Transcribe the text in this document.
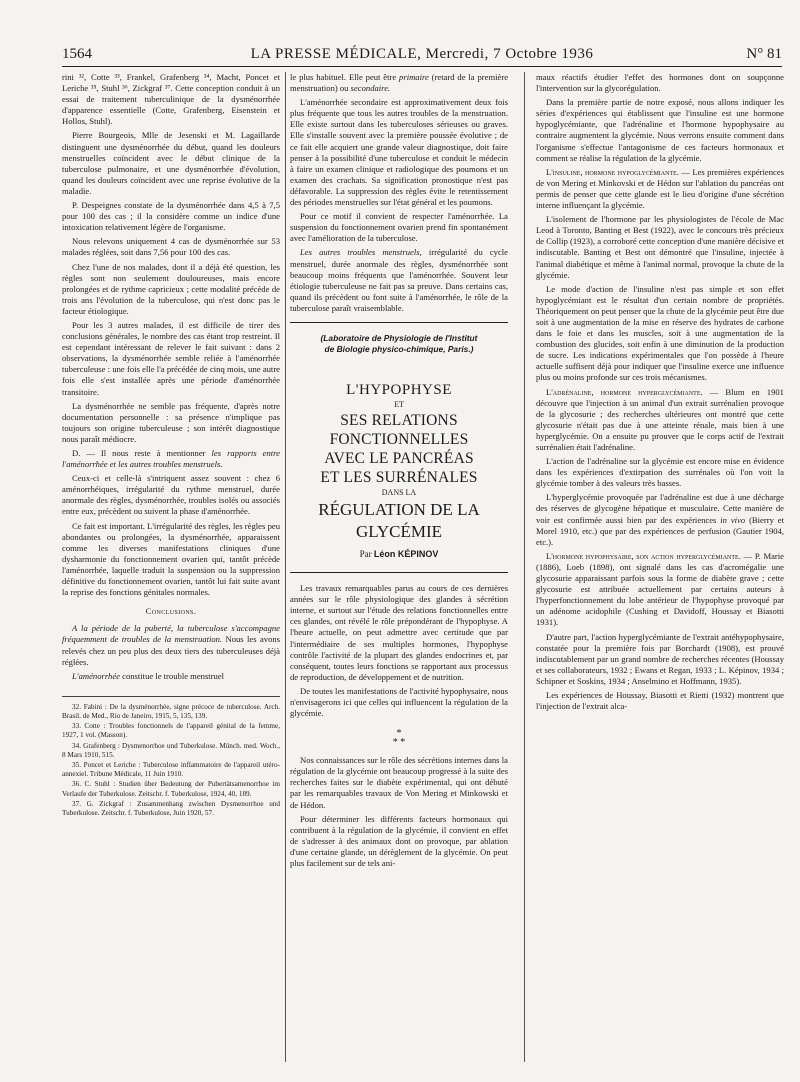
1564	LA PRESSE MÉDICALE, Mercredi, 7 Octobre 1936	N° 81

rini ³², Cotte ³³, Frankel, Grafenberg ³⁴, Macht, Poncet et Leriche ³⁵, Stuhl ³⁶, Zickgraf ³⁷. Cette conception conduit à un essai de traitement tuberculinique de la dysménorrhée d'apparence essentielle (Cotte, Grafenberg, Eisenstein et Hollos, Stuhl).

Pierre Bourgeois, Mlle de Jesenski et M. Lagaillarde distinguent une dysménorrhée du début, quand les douleurs menstruelles coïncident avec le début clinique de la tuberculose pulmonaire, et une dysménorrhée d'évolution, quand les douleurs coïncident avec une reprise évolutive de la maladie.

P. Despeignes constate de la dysménorrhée dans 4,5 à 7,5 pour 100 des cas ; il la considère comme un indice d'une intoxication relativement légère de l'organisme.

Nous relevons uniquement 4 cas de dysménorrhée sur 53 malades réglées, soit dans 7,56 pour 100 des cas.

Chez l'une de nos malades, dont il a déjà été question, les règles sont non seulement douloureuses, mais encore prolongées et de rythme capricieux ; cette modalité précède de trois ans l'évolution de la tuberculose, qui n'est donc pas le facteur étiologique.

Pour les 3 autres malades, il est difficile de tirer des conclusions générales, le nombre des cas étant trop restreint. Il est cependant intéressant de relever le fait suivant : dans 2 observations, la dysménorrhée semble reliée à l'aménorrhée tuberculeuse : une fois elle l'a précédée de cinq mois, une autre fois elle s'est installée après une période d'aménorrhée transitoire.

La dysménorrhée ne semble pas fréquente, d'après notre documentation personnelle : sa présence n'implique pas toujours son origine tuberculeuse ; son intérêt diagnostique nous paraît médiocre.

D. — Il nous reste à mentionner les rapports entre l'aménorrhée et les autres troubles menstruels.

Ceux-ci et celle-là s'intriquent assez souvent : chez 6 aménorrhéiques, irrégularité du rythme menstruel, durée anormale des règles, dysménorrhée, troubles isolés ou associés entre eux, précèdent ou suivent la phase d'aménorrhée.

Ce fait est important. L'irrégularité des règles, les règles peu abondantes ou prolongées, la dysménorrhée, apparaissent comme les diverses manifestations cliniques d'une dysharmonie du fonctionnement ovarien qui, tantôt précède l'aménorrhée, laquelle traduit la suspension ou la suppression définitive du fonctionnement ovarien, tantôt lui fait suite avant la reprise des fonctions génitales normales.

Conclusions.

A la période de la puberté, la tuberculose s'accompagne fréquemment de troubles de la menstruation. Nous les avons relevés chez un peu plus des deux tiers des tuberculeuses déjà réglées.

L'aménorrhée constitue le trouble menstruel

32. Fabini : De la dysménorrhée, signe précoce de tuberculose. Arch. Brasil. de Med., Rio de Janeiro, 1915, 5, 135, 139.

33. Cotte : Troubles fonctionnels de l'appareil génital de la femme, 1927, 1 vol. (Masson).

34. Grafenberg : Dysmenorrhoe und Tuberkulose. Münch. med. Woch., 8 Mars 1910, 515.

35. Poncet et Leriche : Tuberculose inflammatoire de l'appareil utéro-annexiel. Tribune Médicale, 11 Juin 1910.

36. C. Stuhl : Studien über Bedeutung der Pubertätsamenorrhoe im Verlaufe der Tuberkulose. Zeitschr. f. Tuberkulose, 1924, 40, 189.

37. G. Zickgraf : Zusammenhang zwischen Dysmenorrhoe und Tuberkulose. Zeitschr. f. Tuberkulose, Juin 1920, 57.

le plus habituel. Elle peut être primaire (retard de la première menstruation) ou secondaire.

L'aménorrhée secondaire est approximativement deux fois plus fréquente que tous les autres troubles de la menstruation. Elle existe surtout dans les tuberculoses sérieuses ou graves. Elle s'installe souvent avec la première poussée évolutive ; de ce fait elle acquiert une grande valeur diagnostique, doit faire penser à la possibilité d'une tuberculose et conduit le médecin à faire un examen clinique et radiologique des poumons et un examen des crachats. Sa signification pronostique n'est pas défavorable. La suppression des règles évite le retentissement des périodes menstruelles sur l'état général et les poumons.

Pour ce motif il convient de respecter l'aménorrhée. La suspension du fonctionnement ovarien prend fin spontanément avec l'amélioration de la tuberculose.

Les autres troubles menstruels, irrégularité du cycle menstruel, durée anormale des règles, dysménorrhée sont beaucoup moins fréquents que l'aménorrhée. Souvent leur étiologie tuberculeuse ne fait pas sa preuve. Dans certains cas, quand ils précèdent ou font suite à l'aménorrhée, le rôle de la tuberculose paraît vraisemblable.

(Laboratoire de Physiologie de l'Institut
de Biologie physico-chimique, Paris.)
L'HYPOPHYSE
ET
SES RELATIONS FONCTIONNELLES
AVEC LE PANCRÉAS
ET LES SURRÉNALES
DANS LA
RÉGULATION DE LA GLYCÉMIE
Par Léon KÉPINOV

Les travaux remarquables parus au cours de ces dernières années sur le rôle physiologique des glandes à sécrétion interne, et surtout sur l'étude des relations fonctionnelles entre ces glandes, ont révélé le rôle prépondérant de l'hypophyse. A l'heure actuelle, on peut admettre avec certitude que par l'intermédiaire de ses multiples hormones, l'hypophyse contrôle l'activité de la plupart des glandes endocrines et, par conséquent, toutes leurs fonctions se rapportant aux processus de reproduction, de développement et de nutrition.

De toutes les manifestations de l'activité hypophysaire, nous n'envisagerons ici que celles qui influencent la régulation de la glycémie.

*
* *

Nos connaissances sur le rôle des sécrétions internes dans la régulation de la glycémie ont beaucoup progressé à la suite des recherches faites sur le diabète expérimental, qui ont débuté par les remarquables travaux de Von Mering et Minkowski et de Hédon.

Pour déterminer les différents facteurs hormonaux qui contribuent à la régulation de la glycémie, il convient en effet de s'adresser à des animaux dont on provoque, par ablation d'une certaine glande, un dérèglement de la glycémie. On peut plus facilement sur de tels ani-

maux réactifs étudier l'effet des hormones dont on soupçonne l'intervention sur la glycorégulation.

Dans la première partie de notre exposé, nous allons indiquer les séries d'expériences qui établissent que l'insuline est une hormone hypoglycémiante, que l'adrénaline et l'hormone hypophysaire au contraire augmentent la glycémie. Nous verrons ensuite comment dans l'organisme s'effectue l'antagonisme de ces facteurs hormonaux et comment se réalise la régulation de la glycémie.

L'insuline, hormone hypoglycémiante. — Les premières expériences de von Mering et Minkovski et de Hédon sur l'ablation du pancréas ont permis de penser que cette glande est le lieu d'origine d'une sécrétion interne influençant la glycémie.

L'isolement de l'hormone par les physiologistes de l'école de Mac Leod à Toronto, Banting et Best (1922), avec le concours très précieux de Collip (1923), a corroboré cette conception d'une manière décisive et indiscutable. Banting et Best ont démontré que l'insuline, injectée à l'animal diabétique et même à l'animal normal, provoque la chute de la glycémie.

Le mode d'action de l'insuline n'est pas simple et son effet hypoglycémiant est le résultat d'un certain nombre de propriétés. Théoriquement on peut penser que la chute de la glycémie peut être due soit à une augmentation de la mise en réserve des hydrates de carbone dans le foie et dans les muscles, soit à une augmentation de la combustion des glucides, soit enfin à une diminution de la production de sucre. Les indications expérimentales que l'on possède à l'heure actuelle suffisent déjà pour indiquer que l'insuline exerce une influence plus ou moins profonde sur ces trois mécanismes.

L'adrénaline, hormone hyperglycémiante. — Blum en 1901 découvre que l'injection à un animal d'un extrait surrénalien provoque de la glycosurie ; des recherches ultérieures ont montré que cette glycosurie n'était pas due à une atteinte rénale, mais bien à une hyperglycémie. On a ensuite pu prouver que le corps actif de l'extrait surrénalien était l'adrénaline.

L'action de l'adrénaline sur la glycémie est encore mise en évidence dans les expériences d'extirpation des surrénales où l'on voit la glycémie tomber à des valeurs très basses.

L'hyperglycémie provoquée par l'adrénaline est due à une décharge des réserves de glycogène hépatique et musculaire. Cette manière de voir est confirmée aussi bien par des expériences in vivo (Bierry et Morel 1910, etc.) que par des expériences de perfusion (Gautier 1904, etc.).

L'hormone hypophysaire, son action hyperglycémiante. — P. Marie (1886), Loeb (1898), ont signalé dans les cas d'acromégalie une glycosurie apparaissant parfois sous la forme de diabète grave ; cette glycosurie est attribuée actuellement par certains auteurs à l'hyperfonctionnement du lobe antérieur de l'hypophyse provoqué par un adénome acidophile (Cushing et Davidoff, Houssay et Biasotti 1931).

D'autre part, l'action hyperglycémiante de l'extrait antéhypophysaire, constatée pour la première fois par Borchardt (1908), est prouvé indiscutablement par un grand nombre de recherches récentes (Houssay et ses collaborateurs, 1932 ; Ewans et Regan, 1933 ; L. Képinov, 1934 ; Schipner et Soskins, 1934 ; Anselmino et Hoffmann, 1935).

Les expériences de Houssay, Biasotti et Rietti (1932) montrent que l'injection de l'extrait alca-
